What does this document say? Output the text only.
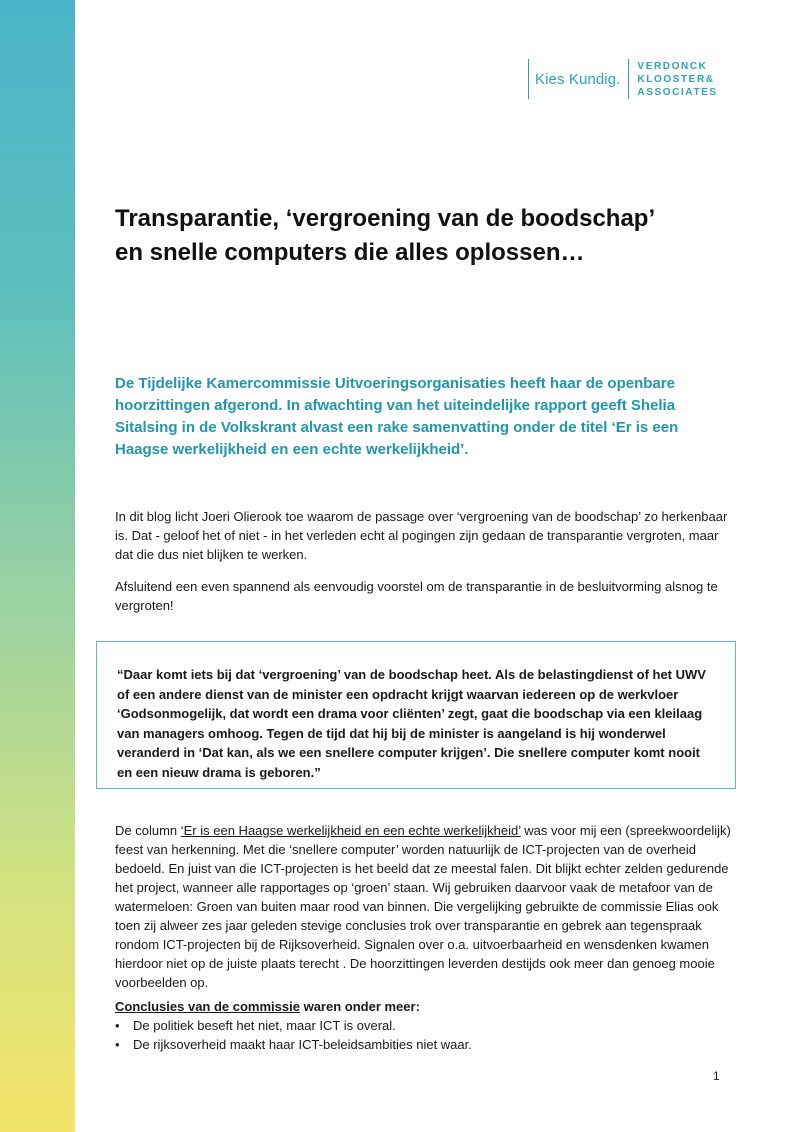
Kies Kundig.
VERDONCK
KLOOSTER&
ASSOCIATES
Transparantie, ‘vergroening van de boodschap’
en snelle computers die alles oplossen…

De Tijdelijke Kamercommissie Uitvoeringsorganisaties heeft haar de openbare hoorzittingen afgerond. In afwachting van het uiteindelijke rapport geeft Shelia Sitalsing in de Volkskrant alvast een rake samenvatting onder de titel ‘Er is een Haagse werkelijkheid en een echte werkelijkheid’.

In dit blog licht Joeri Olierook toe waarom de passage over ‘vergroening van de boodschap’ zo herkenbaar is. Dat - geloof het of niet - in het verleden echt al pogingen zijn gedaan de transparantie vergroten, maar dat die dus niet blijken te werken.

Afsluitend een even spannend als eenvoudig voorstel om de transparantie in de besluitvorming alsnog te vergroten!

“Daar komt iets bij dat ‘vergroening’ van de boodschap heet. Als de belastingdienst of het UWV of een andere dienst van de minister een opdracht krijgt waarvan iedereen op de werkvloer ‘Godsonmogelijk, dat wordt een drama voor cliënten’ zegt, gaat die boodschap via een kleilaag van managers omhoog. Tegen de tijd dat hij bij de minister is aangeland is hij wonderwel veranderd in ‘Dat kan, als we een snellere computer krijgen’. Die snellere computer komt nooit en een nieuw drama is geboren.”

De column ‘Er is een Haagse werkelijkheid en een echte werkelijkheid’ was voor mij een (spreekwoordelijk) feest van herkenning. Met die ‘snellere computer’ worden natuurlijk de ICT-projecten van de overheid bedoeld. En juist van die ICT-projecten is het beeld dat ze meestal falen. Dit blijkt echter zelden gedurende het project, wanneer alle rapportages op ‘groen’ staan. Wij gebruiken daarvoor vaak de metafoor van de watermeloen: Groen van buiten maar rood van binnen. Die vergelijking gebruikte de commissie Elias ook toen zij alweer zes jaar geleden stevige conclusies trok over transparantie en gebrek aan tegenspraak rondom ICT-projecten bij de Rijksoverheid. Signalen over o.a. uitvoerbaarheid en wensdenken kwamen hierdoor niet op de juiste plaats terecht . De hoorzittingen leverden destijds ook meer dan genoeg mooie voorbeelden op.

Conclusies van de commissie waren onder meer:

•	De politiek beseft het niet, maar ICT is overal.
•	De rijksoverheid maakt haar ICT-beleidsambities niet waar.
1
